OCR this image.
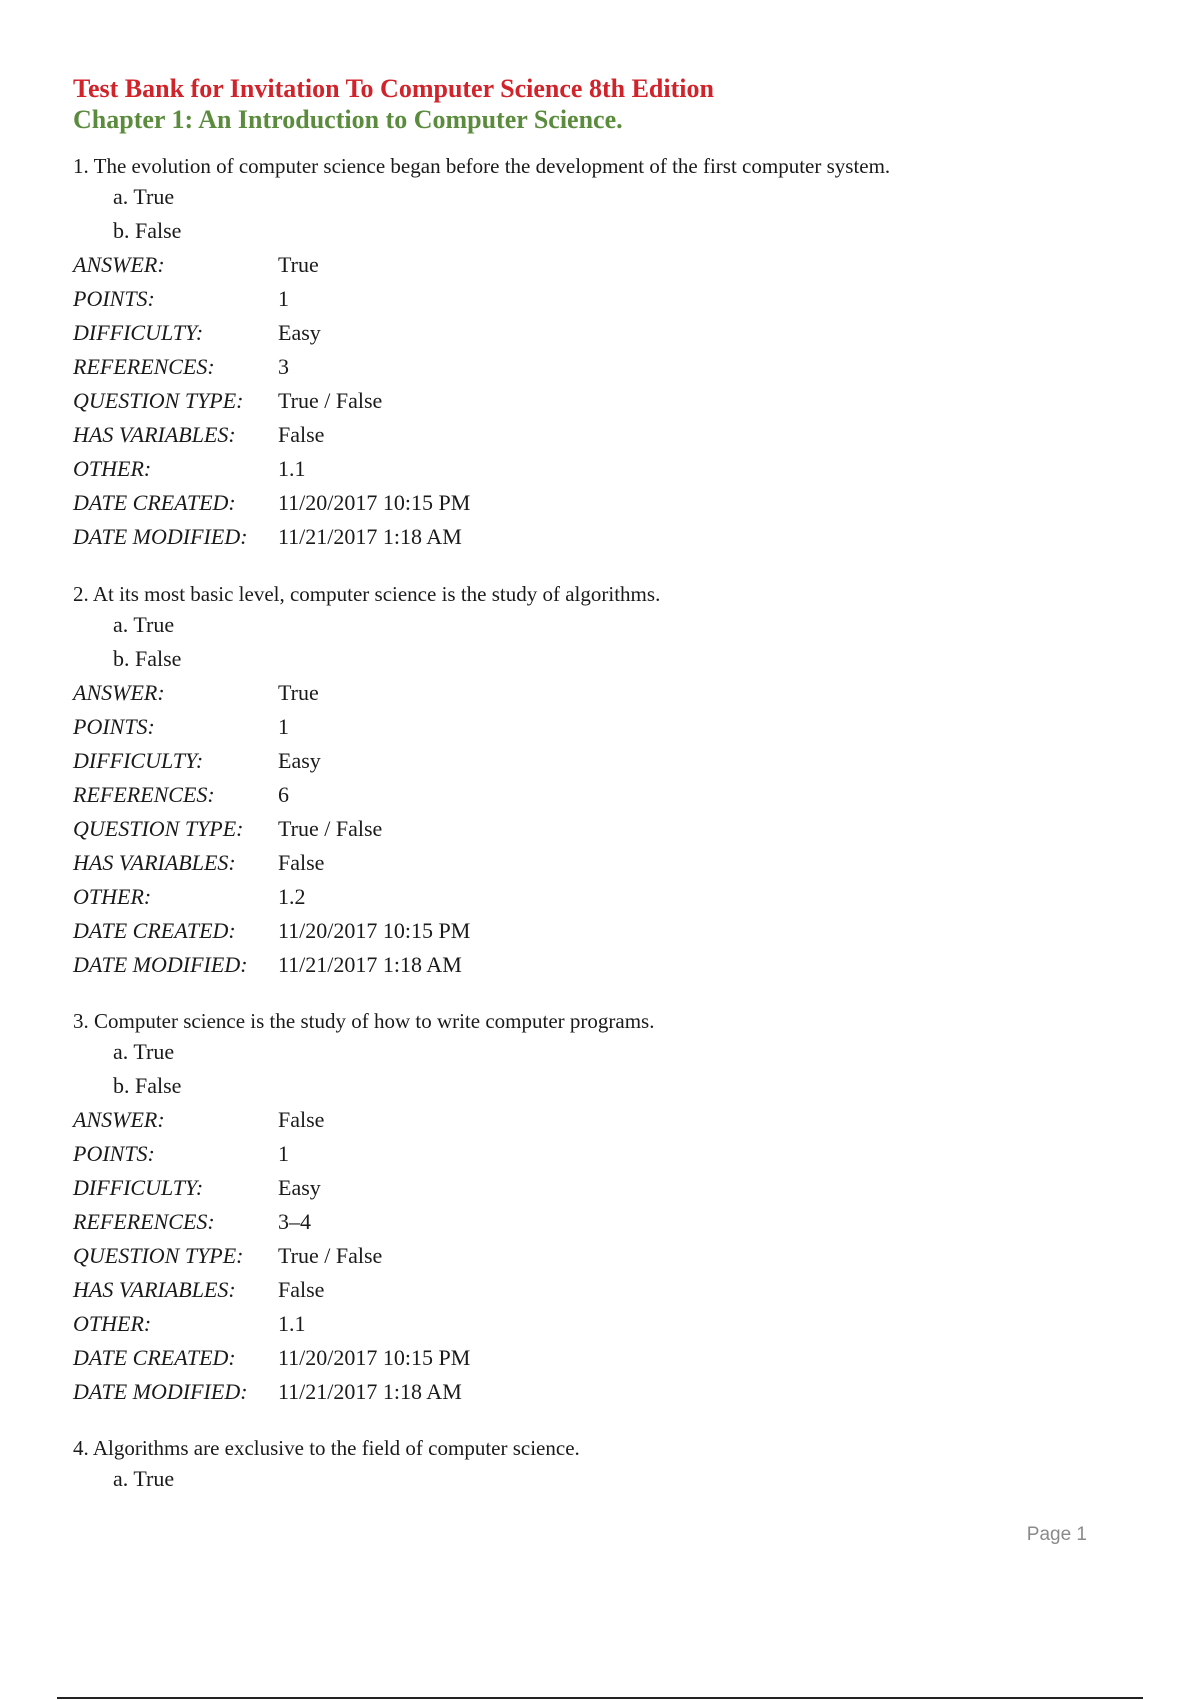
Test Bank for Invitation To Computer Science 8th Edition
Chapter 1: An Introduction to Computer Science.
1. The evolution of computer science began before the development of the first computer system.
a. True
b. False
ANSWER:	True
POINTS:	1
DIFFICULTY:	Easy
REFERENCES:	3
QUESTION TYPE:	True / False
HAS VARIABLES:	False
OTHER:	1.1
DATE CREATED:	11/20/2017 10:15 PM
DATE MODIFIED:	11/21/2017 1:18 AM
2. At its most basic level, computer science is the study of algorithms.
a. True
b. False
ANSWER:	True
POINTS:	1
DIFFICULTY:	Easy
REFERENCES:	6
QUESTION TYPE:	True / False
HAS VARIABLES:	False
OTHER:	1.2
DATE CREATED:	11/20/2017 10:15 PM
DATE MODIFIED:	11/21/2017 1:18 AM
3. Computer science is the study of how to write computer programs.
a. True
b. False
ANSWER:	False
POINTS:	1
DIFFICULTY:	Easy
REFERENCES:	3–4
QUESTION TYPE:	True / False
HAS VARIABLES:	False
OTHER:	1.1
DATE CREATED:	11/20/2017 10:15 PM
DATE MODIFIED:	11/21/2017 1:18 AM
4. Algorithms are exclusive to the field of computer science.
a. True
Page 1
